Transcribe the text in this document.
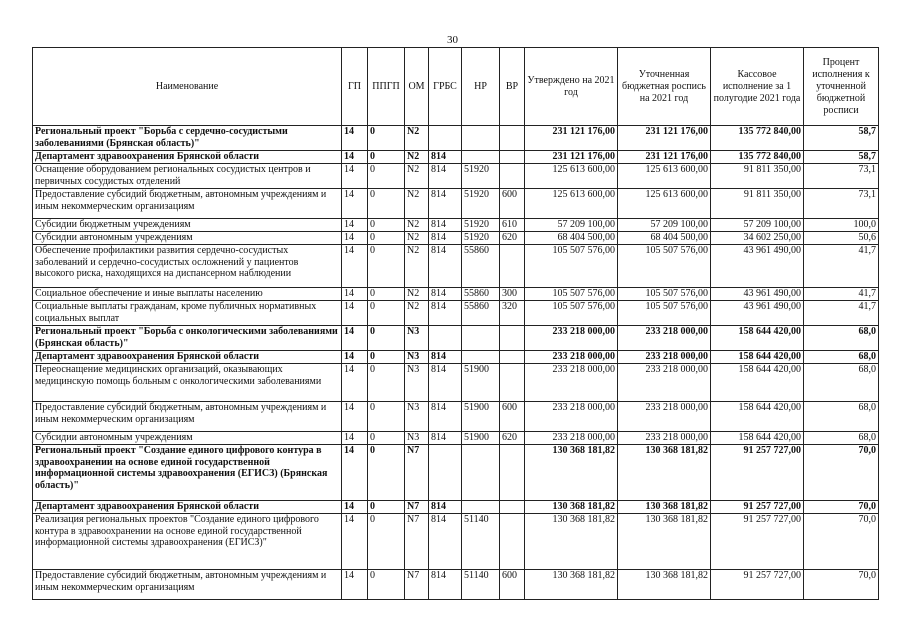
30
Наименование	ГП	ППГП	ОМ	ГРБС	НР	ВР	Утверждено на 2021 год	Уточненная бюджетная роспись на 2021 год	Кассовое исполнение за 1 полугодие 2021 года	Процент исполнения к уточненной бюджетной росписи
Региональный проект "Борьба с сердечно-сосудистыми заболеваниями (Брянская область)"	14	0	N2				231 121 176,00	231 121 176,00	135 772 840,00	58,7
Департамент здравоохранения Брянской области	14	0	N2	814			231 121 176,00	231 121 176,00	135 772 840,00	58,7
Оснащение оборудованием региональных сосудистых центров и первичных сосудистых отделений	14	0	N2	814	51920		125 613 600,00	125 613 600,00	91 811 350,00	73,1
Предоставление субсидий бюджетным, автономным учреждениям и иным некоммерческим организациям	14	0	N2	814	51920	600	125 613 600,00	125 613 600,00	91 811 350,00	73,1
Субсидии бюджетным учреждениям	14	0	N2	814	51920	610	57 209 100,00	57 209 100,00	57 209 100,00	100,0
Субсидии автономным учреждениям	14	0	N2	814	51920	620	68 404 500,00	68 404 500,00	34 602 250,00	50,6
Обеспечение профилактики развития сердечно-сосудистых заболеваний и сердечно-сосудистых осложнений у пациентов высокого риска, находящихся на диспансерном наблюдении	14	0	N2	814	55860		105 507 576,00	105 507 576,00	43 961 490,00	41,7
Социальное обеспечение и иные выплаты населению	14	0	N2	814	55860	300	105 507 576,00	105 507 576,00	43 961 490,00	41,7
Социальные выплаты гражданам, кроме публичных нормативных социальных выплат	14	0	N2	814	55860	320	105 507 576,00	105 507 576,00	43 961 490,00	41,7
Региональный проект "Борьба с онкологическими заболеваниями (Брянская область)"	14	0	N3				233 218 000,00	233 218 000,00	158 644 420,00	68,0
Департамент здравоохранения Брянской области	14	0	N3	814			233 218 000,00	233 218 000,00	158 644 420,00	68,0
Переоснащение медицинских организаций, оказывающих медицинскую помощь больным с онкологическими заболеваниями	14	0	N3	814	51900		233 218 000,00	233 218 000,00	158 644 420,00	68,0
Предоставление субсидий бюджетным, автономным учреждениям и иным некоммерческим организациям	14	0	N3	814	51900	600	233 218 000,00	233 218 000,00	158 644 420,00	68,0
Субсидии автономным учреждениям	14	0	N3	814	51900	620	233 218 000,00	233 218 000,00	158 644 420,00	68,0
Региональный проект "Создание единого цифрового контура в здравоохранении на основе единой государственной информационной системы здравоохранения (ЕГИСЗ) (Брянская область)"	14	0	N7				130 368 181,82	130 368 181,82	91 257 727,00	70,0
Департамент здравоохранения Брянской области	14	0	N7	814			130 368 181,82	130 368 181,82	91 257 727,00	70,0
Реализация региональных проектов "Создание единого цифрового контура в здравоохранении на основе единой государственной информационной системы здравоохранения (ЕГИСЗ)"	14	0	N7	814	51140		130 368 181,82	130 368 181,82	91 257 727,00	70,0
Предоставление субсидий бюджетным, автономным учреждениям и иным некоммерческим организациям	14	0	N7	814	51140	600	130 368 181,82	130 368 181,82	91 257 727,00	70,0
